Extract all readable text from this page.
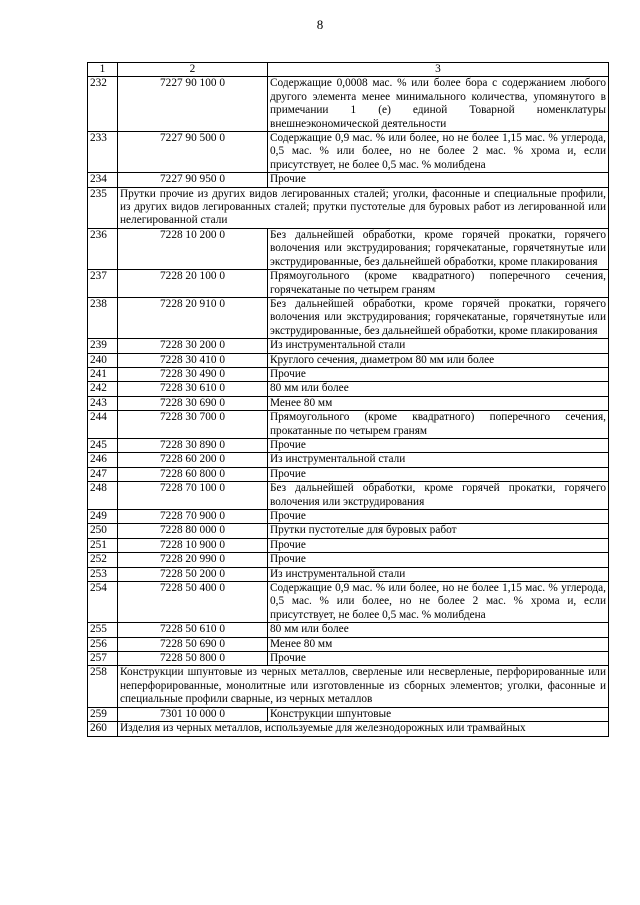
8
1	2	3
232	7227 90 100 0	Содержащие 0,0008 мас. % или более бора с содержанием любого другого элемента менее минимального количества, упомянутого в примечании 1 (е) единой Товарной номенклатуры внешнеэкономической деятельности
233	7227 90 500 0	Содержащие 0,9 мас. % или более, но не более 1,15 мас. % углерода, 0,5 мас. % или более, но не более 2 мас. % хрома и, если присутствует, не более 0,5 мас. % молибдена
234	7227 90 950 0	Прочие
235	Прутки прочие из других видов легированных сталей; уголки, фасонные и специальные профили, из других видов легированных сталей; прутки пустотелые для буровых работ из легированной или нелегированной стали	
236	7228 10 200 0	Без дальнейшей обработки, кроме горячей прокатки, горячего волочения или экструдирования; горячекатаные, горячетянутые или экструдированные, без дальнейшей обработки, кроме плакирования
237	7228 20 100 0	Прямоугольного (кроме квадратного) поперечного сечения, горячекатаные по четырем граням
238	7228 20 910 0	Без дальнейшей обработки, кроме горячей прокатки, горячего волочения или экструдирования; горячекатаные, горячетянутые или экструдированные, без дальнейшей обработки, кроме плакирования
239	7228 30 200 0	Из инструментальной стали
240	7228 30 410 0	Круглого сечения, диаметром 80 мм или более
241	7228 30 490 0	Прочие
242	7228 30 610 0	80 мм или более
243	7228 30 690 0	Менее 80 мм
244	7228 30 700 0	Прямоугольного (кроме квадратного) поперечного сечения, прокатанные по четырем граням
245	7228 30 890 0	Прочие
246	7228 60 200 0	Из инструментальной стали
247	7228 60 800 0	Прочие
248	7228 70 100 0	Без дальнейшей обработки, кроме горячей прокатки, горячего волочения или экструдирования
249	7228 70 900 0	Прочие
250	7228 80 000 0	Прутки пустотелые для буровых работ
251	7228 10 900 0	Прочие
252	7228 20 990 0	Прочие
253	7228 50 200 0	Из инструментальной стали
254	7228 50 400 0	Содержащие 0,9 мас. % или более, но не более 1,15 мас. % углерода, 0,5 мас. % или более, но не более 2 мас. % хрома и, если присутствует, не более 0,5 мас. % молибдена
255	7228 50 610 0	80 мм или более
256	7228 50 690 0	Менее 80 мм
257	7228 50 800 0	Прочие
258	Конструкции шпунтовые из черных металлов, сверленые или несверленые, перфорированные или неперфорированные, монолитные или изготовленные из сборных элементов; уголки, фасонные и специальные профили сварные, из черных металлов	
259	7301 10 000 0	Конструкции шпунтовые
260	Изделия из черных металлов, используемые для железнодорожных или трамвайных	
